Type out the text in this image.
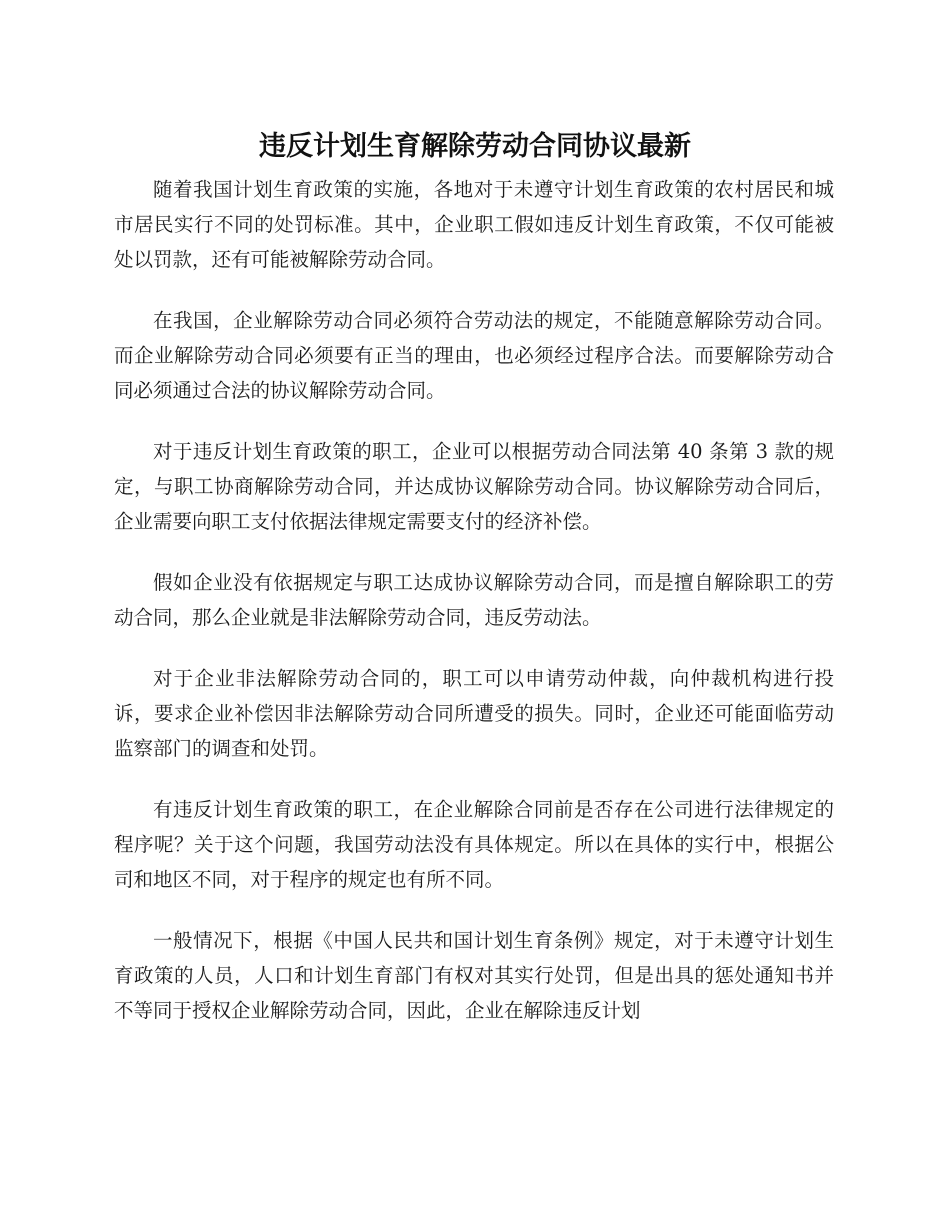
违反计划生育解除劳动合同协议最新

随着我国计划生育政策的实施，各地对于未遵守计划生育政策的农村居民和城市居民实行不同的处罚标准。其中，企业职工假如违反计划生育政策，不仅可能被处以罚款，还有可能被解除劳动合同。

在我国，企业解除劳动合同必须符合劳动法的规定，不能随意解除劳动合同。而企业解除劳动合同必须要有正当的理由，也必须经过程序合法。而要解除劳动合同必须通过合法的协议解除劳动合同。

对于违反计划生育政策的职工，企业可以根据劳动合同法第 40 条第 3 款的规定，与职工协商解除劳动合同，并达成协议解除劳动合同。协议解除劳动合同后，企业需要向职工支付依据法律规定需要支付的经济补偿。

假如企业没有依据规定与职工达成协议解除劳动合同，而是擅自解除职工的劳动合同，那么企业就是非法解除劳动合同，违反劳动法。

对于企业非法解除劳动合同的，职工可以申请劳动仲裁，向仲裁机构进行投诉，要求企业补偿因非法解除劳动合同所遭受的损失。同时，企业还可能面临劳动监察部门的调查和处罚。

有违反计划生育政策的职工，在企业解除合同前是否存在公司进行法律规定的程序呢？关于这个问题，我国劳动法没有具体规定。所以在具体的实行中，根据公司和地区不同，对于程序的规定也有所不同。

一般情况下，根据《中国人民共和国计划生育条例》规定，对于未遵守计划生育政策的人员，人口和计划生育部门有权对其实行处罚，但是出具的惩处通知书并不等同于授权企业解除劳动合同，因此，企业在解除违反计划
